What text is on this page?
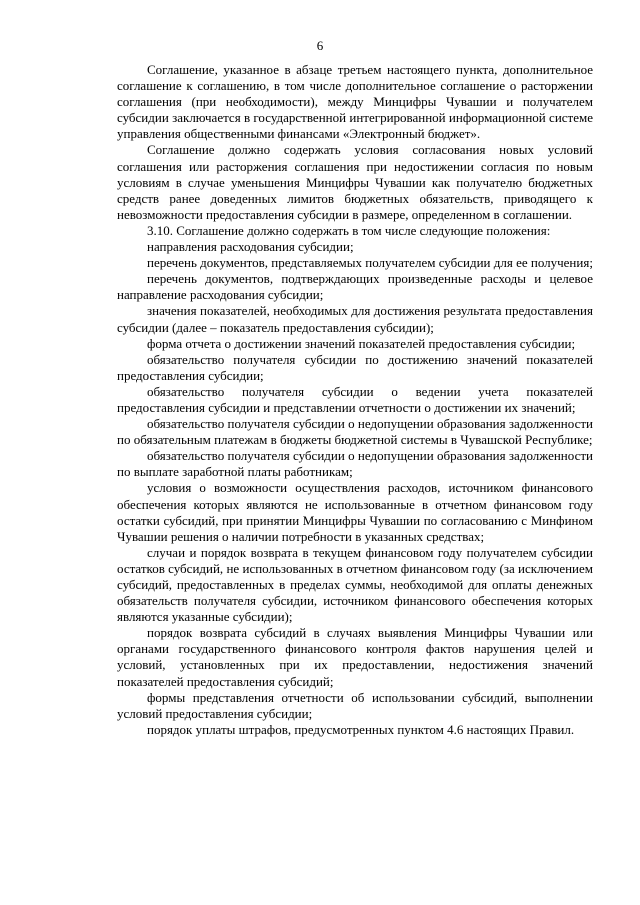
6

Соглашение, указанное в абзаце третьем настоящего пункта, дополнительное соглашение к соглашению, в том числе дополнительное соглашение о расторжении соглашения (при необходимости), между Минцифры Чувашии и получателем субсидии заключается в государственной интегрированной информационной системе управления общественными финансами «Электронный бюджет».

Соглашение должно содержать условия согласования новых условий соглашения или расторжения соглашения при недостижении согласия по новым условиям в случае уменьшения Минцифры Чувашии как получателю бюджетных средств ранее доведенных лимитов бюджетных обязательств, приводящего к невозможности предоставления субсидии в размере, определенном в соглашении.

3.10. Соглашение должно содержать в том числе следующие положения:

направления расходования субсидии;

перечень документов, представляемых получателем субсидии для ее получения;

перечень документов, подтверждающих произведенные расходы и целевое направление расходования субсидии;

значения показателей, необходимых для достижения результата предоставления субсидии (далее – показатель предоставления субсидии);

форма отчета о достижении значений показателей предоставления субсидии;

обязательство получателя субсидии по достижению значений показателей предоставления субсидии;

обязательство получателя субсидии о ведении учета показателей предоставления субсидии и представлении отчетности о достижении их значений;

обязательство получателя субсидии о недопущении образования задолженности по обязательным платежам в бюджеты бюджетной системы в Чувашской Республике;

обязательство получателя субсидии о недопущении образования задолженности по выплате заработной платы работникам;

условия о возможности осуществления расходов, источником финансового обеспечения которых являются не использованные в отчетном финансовом году остатки субсидий, при принятии Минцифры Чувашии по согласованию с Минфином Чувашии решения о наличии потребности в указанных средствах;

случаи и порядок возврата в текущем финансовом году получателем субсидии остатков субсидий, не использованных в отчетном финансовом году (за исключением субсидий, предоставленных в пределах суммы, необходимой для оплаты денежных обязательств получателя субсидии, источником финансового обеспечения которых являются указанные субсидии);

порядок возврата субсидий в случаях выявления Минцифры Чувашии или органами государственного финансового контроля фактов нарушения целей и условий, установленных при их предоставлении, недостижения значений показателей предоставления субсидий;

формы представления отчетности об использовании субсидий, выполнении условий предоставления субсидии;

порядок уплаты штрафов, предусмотренных пунктом 4.6 настоящих Правил.
